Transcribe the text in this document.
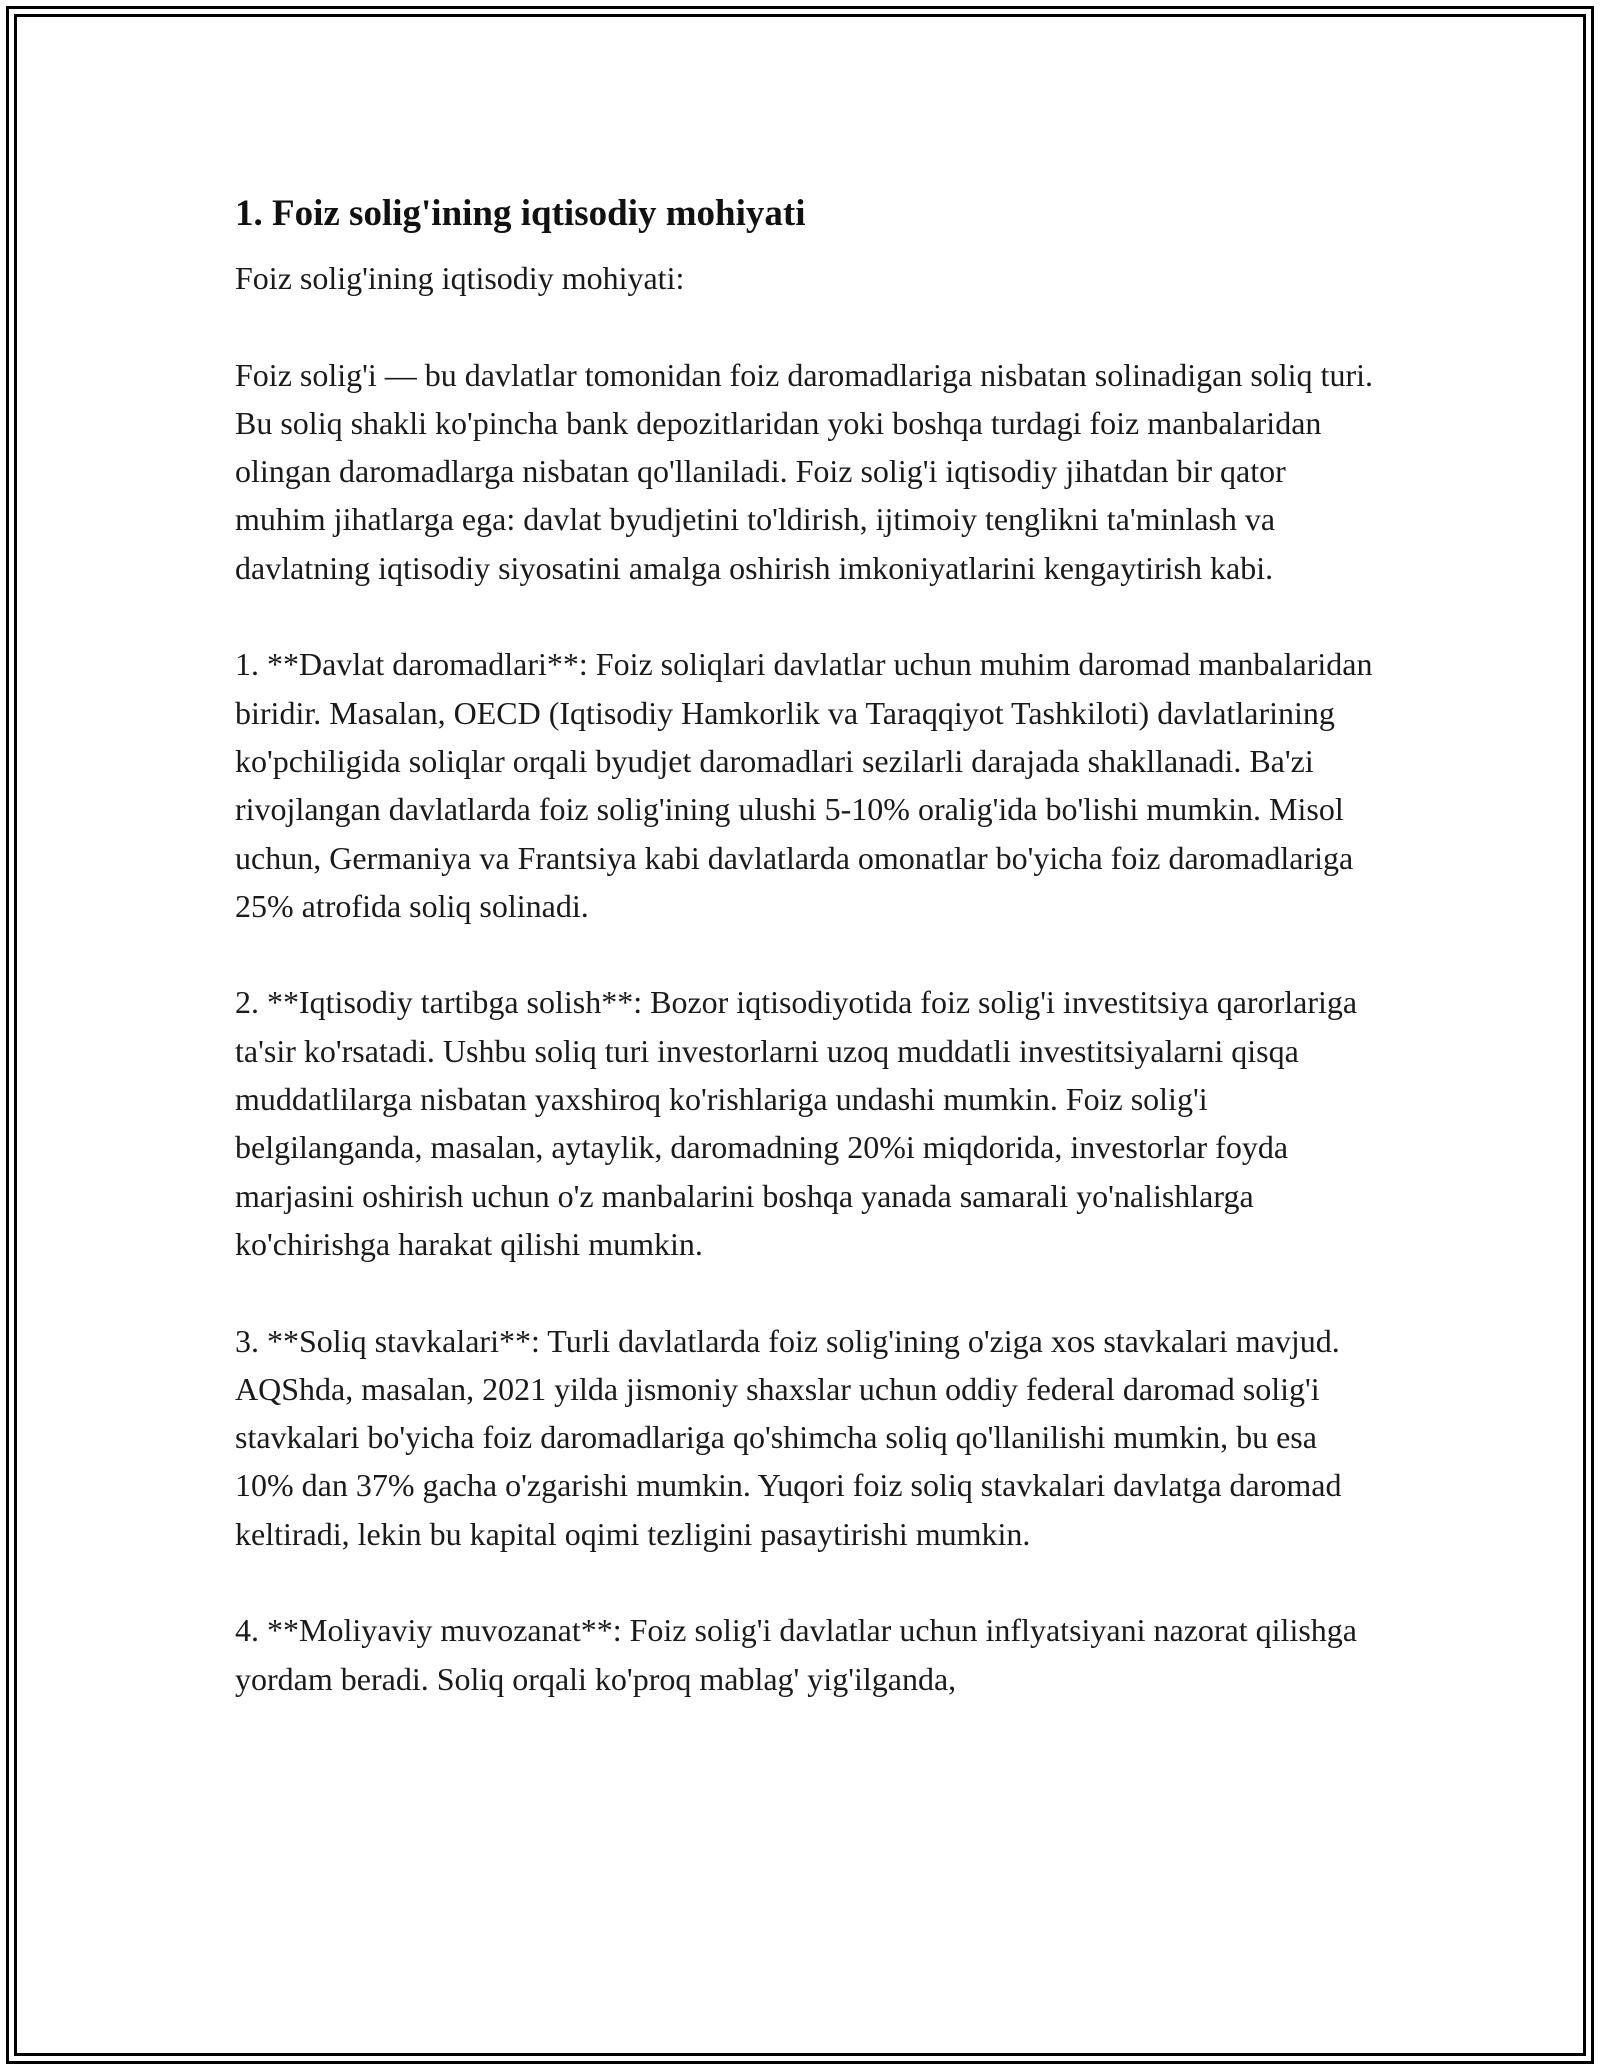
1. Foiz solig'ining iqtisodiy mohiyati

Foiz solig'ining iqtisodiy mohiyati:

Foiz solig'i — bu davlatlar tomonidan foiz daromadlariga nisbatan solinadigan soliq turi. Bu soliq shakli ko'pincha bank depozitlaridan yoki boshqa turdagi foiz manbalaridan olingan daromadlarga nisbatan qo'llaniladi. Foiz solig'i iqtisodiy jihatdan bir qator muhim jihatlarga ega: davlat byudjetini to'ldirish, ijtimoiy tenglikni ta'minlash va davlatning iqtisodiy siyosatini amalga oshirish imkoniyatlarini kengaytirish kabi.

1. **Davlat daromadlari**: Foiz soliqlari davlatlar uchun muhim daromad manbalaridan biridir. Masalan, OECD (Iqtisodiy Hamkorlik va Taraqqiyot Tashkiloti) davlatlarining ko'pchiligida soliqlar orqali byudjet daromadlari sezilarli darajada shakllanadi. Ba'zi rivojlangan davlatlarda foiz solig'ining ulushi 5-10% oralig'ida bo'lishi mumkin. Misol uchun, Germaniya va Frantsiya kabi davlatlarda omonatlar bo'yicha foiz daromadlariga 25% atrofida soliq solinadi.

2. **Iqtisodiy tartibga solish**: Bozor iqtisodiyotida foiz solig'i investitsiya qarorlariga ta'sir ko'rsatadi. Ushbu soliq turi investorlarni uzoq muddatli investitsiyalarni qisqa muddatlilarga nisbatan yaxshiroq ko'rishlariga undashi mumkin. Foiz solig'i belgilanganda, masalan, aytaylik, daromadning 20%i miqdorida, investorlar foyda marjasini oshirish uchun o'z manbalarini boshqa yanada samarali yo'nalishlarga ko'chirishga harakat qilishi mumkin.

3. **Soliq stavkalari**: Turli davlatlarda foiz solig'ining o'ziga xos stavkalari mavjud. AQShda, masalan, 2021 yilda jismoniy shaxslar uchun oddiy federal daromad solig'i stavkalari bo'yicha foiz daromadlariga qo'shimcha soliq qo'llanilishi mumkin, bu esa 10% dan 37% gacha o'zgarishi mumkin. Yuqori foiz soliq stavkalari davlatga daromad keltiradi, lekin bu kapital oqimi tezligini pasaytirishi mumkin.

4. **Moliyaviy muvozanat**: Foiz solig'i davlatlar uchun inflyatsiyani nazorat qilishga yordam beradi. Soliq orqali ko'proq mablag' yig'ilganda,
